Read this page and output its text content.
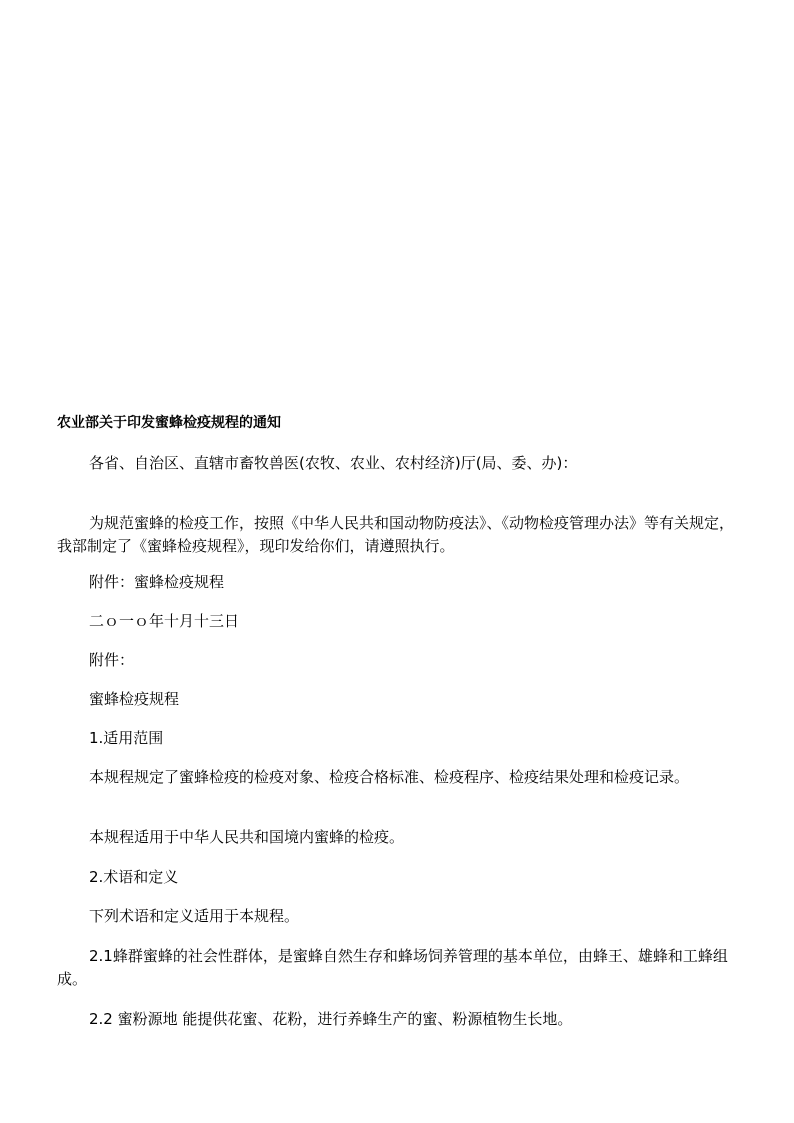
农业部关于印发蜜蜂检疫规程的通知

各省、自治区、直辖市畜牧兽医(农牧、农业、农村经济)厅(局、委、办)：

为规范蜜蜂的检疫工作，按照《中华人民共和国动物防疫法》、《动物检疫管理办法》等有关规定，我部制定了《蜜蜂检疫规程》，现印发给你们，请遵照执行。

附件：蜜蜂检疫规程

二ｏ一ｏ年十月十三日

附件：

蜜蜂检疫规程

1.适用范围

本规程规定了蜜蜂检疫的检疫对象、检疫合格标准、检疫程序、检疫结果处理和检疫记录。

本规程适用于中华人民共和国境内蜜蜂的检疫。

2.术语和定义

下列术语和定义适用于本规程。

2.1蜂群蜜蜂的社会性群体，是蜜蜂自然生存和蜂场饲养管理的基本单位，由蜂王、雄蜂和工蜂组成。

2.2 蜜粉源地 能提供花蜜、花粉，进行养蜂生产的蜜、粉源植物生长地。
